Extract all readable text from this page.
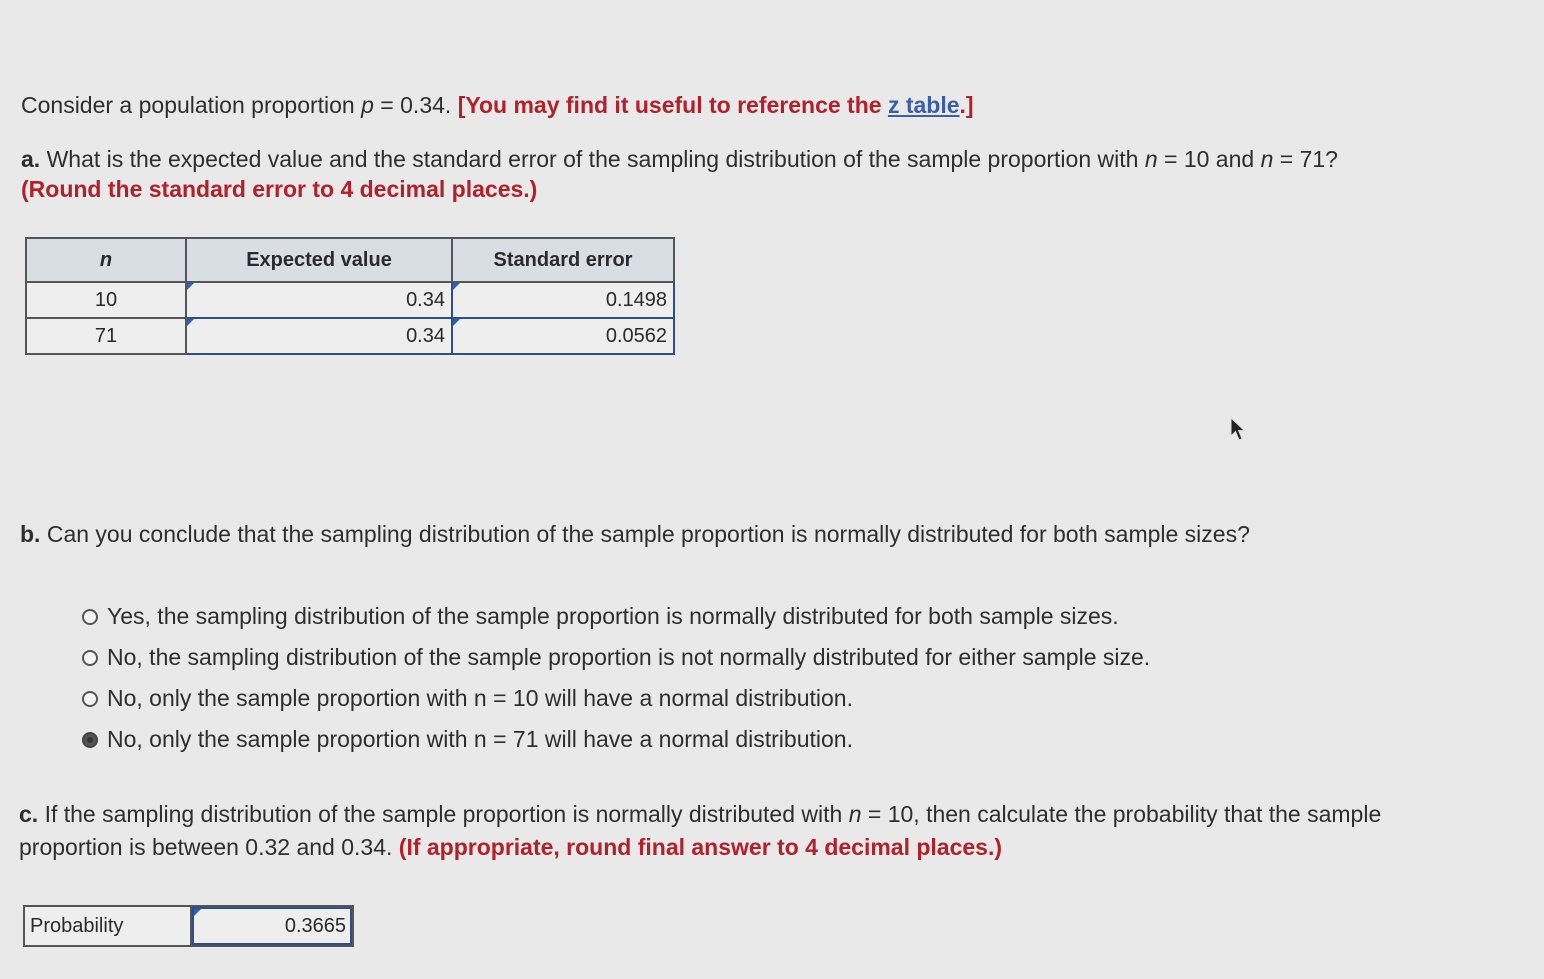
Consider a population proportion p = 0.34. [You may find it useful to reference the z table.]
a. What is the expected value and the standard error of the sampling distribution of the sample proportion with n = 10 and n = 71?
(Round the standard error to 4 decimal places.)
n	Expected value	Standard error
10	0.34	0.1498
71	0.34	0.0562
b. Can you conclude that the sampling distribution of the sample proportion is normally distributed for both sample sizes?
Yes, the sampling distribution of the sample proportion is normally distributed for both sample sizes.
No, the sampling distribution of the sample proportion is not normally distributed for either sample size.
No, only the sample proportion with n = 10 will have a normal distribution.
No, only the sample proportion with n = 71 will have a normal distribution.
c. If the sampling distribution of the sample proportion is normally distributed with n = 10, then calculate the probability that the sample
proportion is between 0.32 and 0.34. (If appropriate, round final answer to 4 decimal places.)
Probability	0.3665
